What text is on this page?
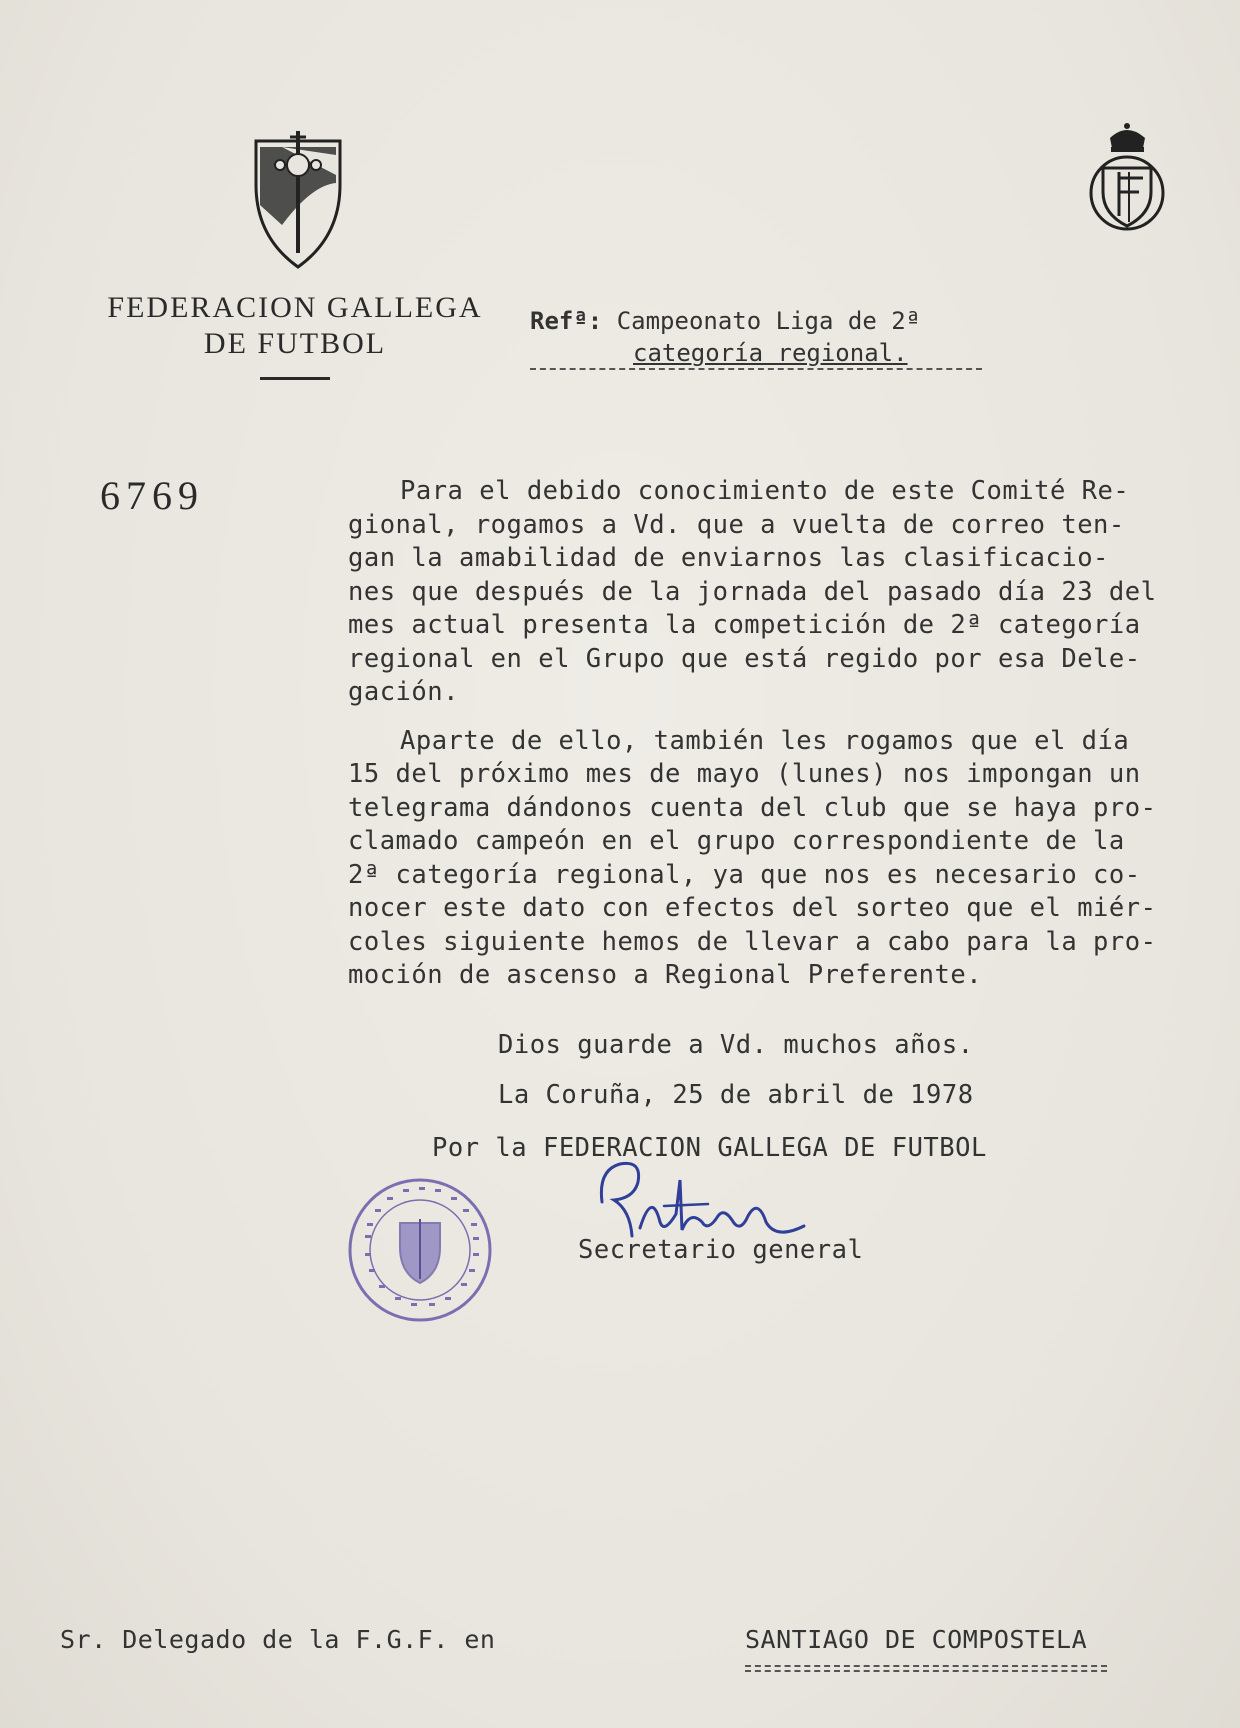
FEDERACION GALLEGA
DE FUTBOL
Refª: Campeonato Liga de 2ª
categoría regional.
6769	Para el debido conocimiento de este Comité Re-
gional, rogamos a Vd. que a vuelta de correo ten-
gan la amabilidad de enviarnos las clasificacio-
nes que después de la jornada del pasado día 23 del
mes actual presenta la competición de 2ª categoría
regional en el Grupo que está regido por esa Dele-
gación.
Aparte de ello, también les rogamos que el día
15 del próximo mes de mayo (lunes) nos impongan un
telegrama dándonos cuenta del club que se haya pro-
clamado campeón en el grupo correspondiente de la
2ª categoría regional, ya que nos es necesario co-
nocer este dato con efectos del sorteo que el miér-
coles siguiente hemos de llevar a cabo para la pro-
moción de ascenso a Regional Preferente.
Dios guarde a Vd. muchos años.
La Coruña, 25 de abril de 1978
Por la FEDERACION GALLEGA DE FUTBOL
Secretario general
Sr. Delegado de la F.G.F. en	SANTIAGO DE COMPOSTELA
